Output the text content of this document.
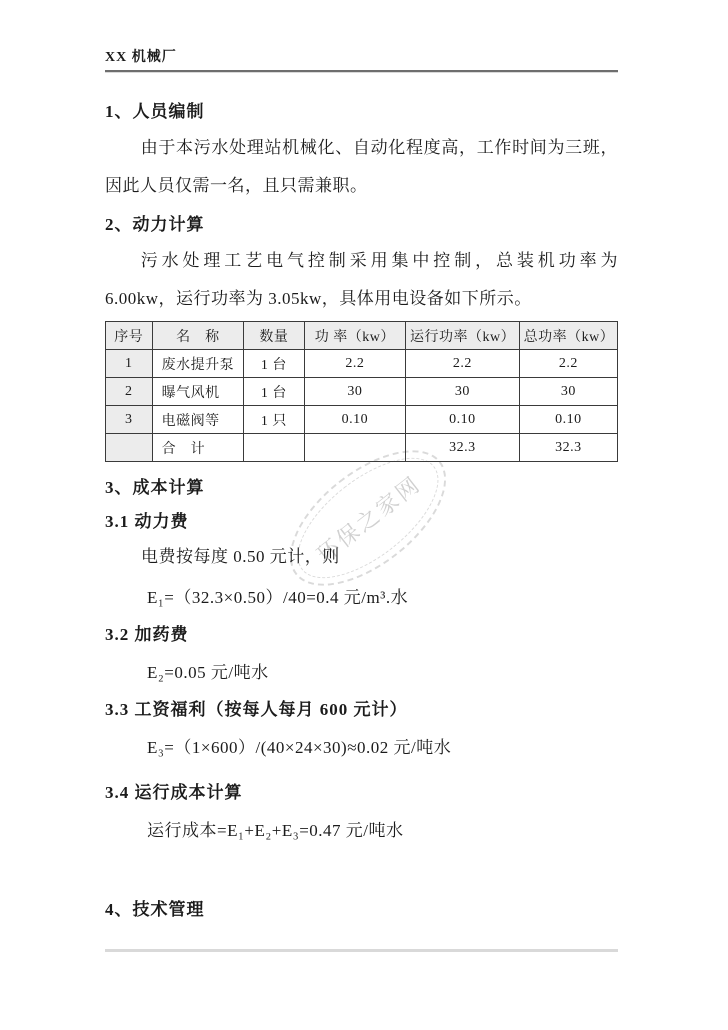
环保之家网
XX 机械厂
1、人员编制

由于本污水处理站机械化、自动化程度高，工作时间为三班，因此人员仅需一名，且只需兼职。

2、动力计算

污水处理工艺电气控制采用集中控制，总装机功率为 6.00kw，运行功率为 3.05kw，具体用电设备如下所示。

序号	名　称	数量	功 率（kw）	运行功率（kw）	总功率（kw）
1	废水提升泵	1 台	2.2	2.2	2.2
2	曝气风机	1 台	30	30	30
3	电磁阀等	1 只	0.10	0.10	0.10
	合　计			32.3	32.3
3、成本计算
3.1 动力费

电费按每度 0.50 元计，则

E₁=（32.3×0.50）/40=0.4 元/m³.水

3.2 加药费

E₂=0.05 元/吨水

3.3 工资福利（按每人每月 600 元计）

E₃=（1×600）/(40×24×30)≈0.02 元/吨水

3.4 运行成本计算

运行成本=E₁+E₂+E₃=0.47 元/吨水

4、技术管理
